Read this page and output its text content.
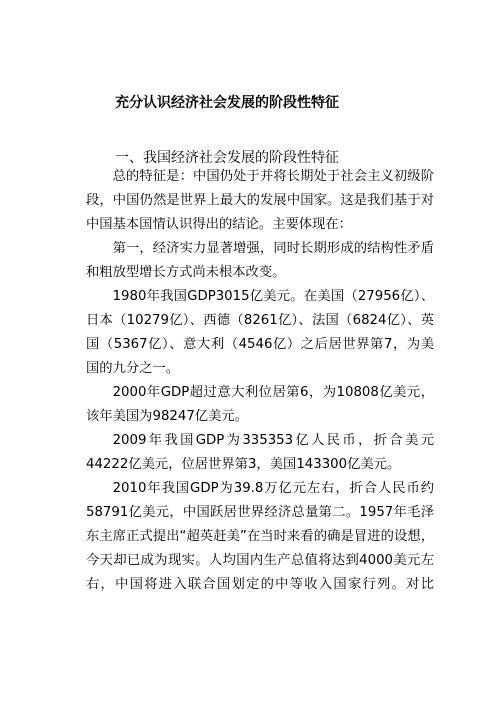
充分认识经济社会发展的阶段性特征
一、我国经济社会发展的阶段性特征

总的特征是：中国仍处于并将长期处于社会主义初级阶段，中国仍然是世界上最大的发展中国家。这是我们基于对中国基本国情认识得出的结论。主要体现在：

第一，经济实力显著增强，同时长期形成的结构性矛盾和粗放型增长方式尚未根本改变。

1980年我国GDP3015亿美元。在美国（27956亿）、日本（10279亿）、西德（8261亿）、法国（6824亿）、英国（5367亿）、意大利（4546亿）之后居世界第7，为美国的九分之一。

2000年GDP超过意大利位居第6，为10808亿美元，该年美国为98247亿美元。

2009年我国GDP为335353亿人民币，折合美元44222亿美元，位居世界第3，美国143300亿美元。

2010年我国GDP为39.8万亿元左右，折合人民币约58791亿美元，中国跃居世界经济总量第二。1957年毛泽东主席正式提出“超英赶美”在当时来看的确是冒进的设想，今天却已成为现实。人均国内生产总值将达到4000美元左右，中国将进入联合国划定的中等收入国家行列。对比
